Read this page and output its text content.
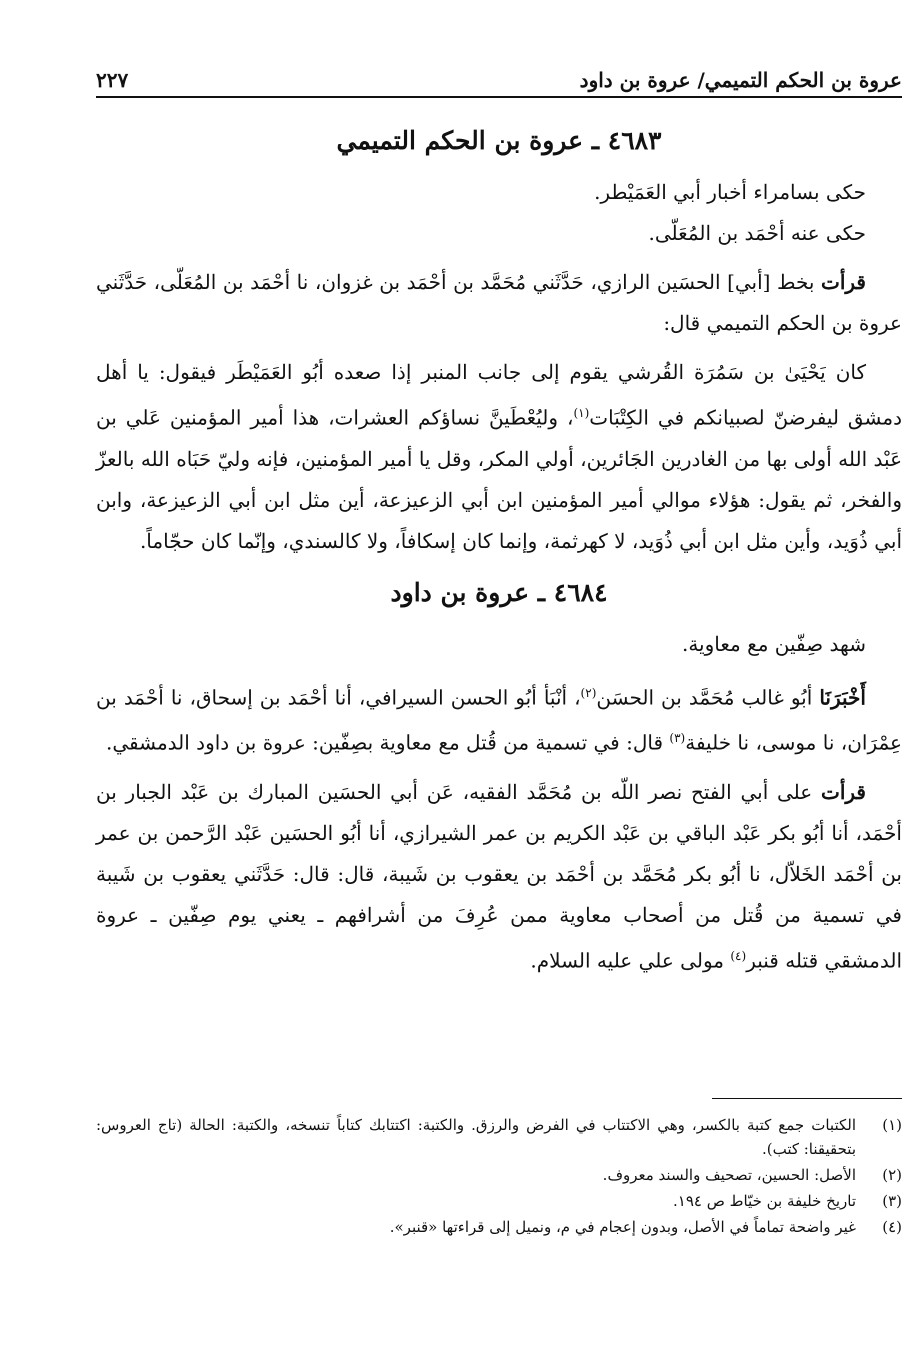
عروة بن الحكم التميمي/ عروة بن داود
٢٢٧
٤٦٨٣ ـ عروة بن الحكم التميمي

حكى بسامراء أخبار أبي العَمَيْطر.

حكى عنه أحْمَد بن المُعَلّى.

قرأت بخط [أبي] الحسَين الرازي، حَدَّثَني مُحَمَّد بن أحْمَد بن غزوان، نا أحْمَد بن المُعَلّى، حَدَّثَني عروة بن الحكم التميمي قال:

كان يَحْيَىٰ بن سَمُرَة القُرشي يقوم إلى جانب المنبر إذا صعده أبُو العَمَيْطَر فيقول: يا أهل دمشق ليفرضنّ لصبيانكم في الكِتْبَات$^{(١)}$، وليُعْطَينَّ نساؤكم العشرات، هذا أمير المؤمنين عَلي بن عَبْد الله أولى بها من الغادرين الجَائرين، أولي المكر، وقل يا أمير المؤمنين، فإنه وليّ حَبَاه الله بالعزّ والفخر، ثم يقول: هؤلاء موالي أمير المؤمنين ابن أبي الزعيزعة، أين مثل ابن أبي الزعيزعة، وابن أبي ذُوَيد، وأين مثل ابن أبي ذُوَيد، لا كهرثمة، وإنما كان إسكافاً، ولا كالسندي، وإنّما كان حجّاماً.

٤٦٨٤ ـ عروة بن داود

شهد صِفّين مع معاوية.

أَخْبَرَنَا أبُو غالب مُحَمَّد بن الحسَن$^{(٢)}$، أنْبَأ أبُو الحسن السيرافي، أنا أحْمَد بن إسحاق، نا أحْمَد بن عِمْرَان، نا موسى، نا خليفة$^{(٣)}$ قال: في تسمية من قُتل مع معاوية بصِفّين: عروة بن داود الدمشقي.

قرأت على أبي الفتح نصر اللّه بن مُحَمَّد الفقيه، عَن أبي الحسَين المبارك بن عَبْد الجبار بن أحْمَد، أنا أبُو بكر عَبْد الباقي بن عَبْد الكريم بن عمر الشيرازي، أنا أبُو الحسَين عَبْد الرَّحمن بن عمر بن أحْمَد الخَلاّل، نا أبُو بكر مُحَمَّد بن أحْمَد بن يعقوب بن شَيبة، قال: قال: حَدَّثَني يعقوب بن شَيبة في تسمية من قُتل من أصحاب معاوية ممن عُرِفَ من أشرافهم ـ يعني يوم صِفّين ـ عروة الدمشقي قتله قنبر$^{(٤)}$ مولى علي عليه السلام.

(١)
الكتبات جمع كتبة بالكسر، وهي الاكتتاب في الفرض والرزق. والكتبة: اكتتابك كتاباً تنسخه، والكتبة: الحالة (تاج العروس: بتحقيقنا: كتب).
(٢)
الأصل: الحسين، تصحيف والسند معروف.
(٣)
تاريخ خليفة بن خيّاط ص ١٩٤.
(٤)
غير واضحة تماماً في الأصل، وبدون إعجام في م، ونميل إلى قراءتها «قنبر».
